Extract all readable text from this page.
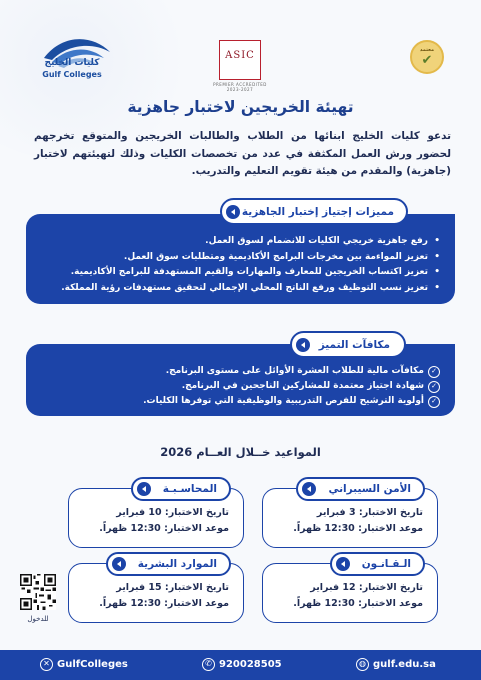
كليات الخليج
Gulf Colleges
ASIC
PREMIER ACCREDITED 2023-2027
معتمد
✔
تهيئة الخريجين لاختبار جاهزية

تدعو كليات الخليج ابنائها من الطلاب والطالبات الخريجين والمتوقع تخرجهم لحضور ورش العمل المكثفة في عدد من تخصصات الكليات وذلك لتهيئتهم لاختبار (جاهزية) والمقدم من هيئة تقويم التعليم والتدريب.

مميزات إجتياز إختبار الجاهزية
• رفع جاهزية خريجي الكليات للانضمام لسوق العمل.
• تعزيز المواءمة بين مخرجات البرامج الأكاديمية ومتطلبات سوق العمل.
• تعزيز اكتساب الخريجين للمعارف والمهارات والقيم المستهدفة للبرامج الأكاديمية.
• تعزيز نسب التوظيف ورفع الناتج المحلي الإجمالي لتحقيق مستهدفات رؤية المملكة.
مكافآت التميز
✓ مكافآت مالية للطلاب العشرة الأوائل على مستوى البرنامج.
✓ شهادة اجتياز معتمدة للمشاركين الناجحين في البرنامج.
✓ أولوية الترشيح للفرص التدريبية والوظيفية التي توفرها الكليات.
المواعيد خــلال العــام 2026
الأمن السيبراني
تاريخ الاختبار: 3 فبراير
موعد الاختبار: 12:30 ظهراً.
المحاسـبـة
تاريخ الاختبار: 10 فبراير
موعد الاختبار: 12:30 ظهراً.
الـقـانـون
تاريخ الاختبار: 12 فبراير
موعد الاختبار: 12:30 ظهراً.
الموارد البشرية
تاريخ الاختبار: 15 فبراير
موعد الاختبار: 12:30 ظهراً.
للدخول
✕ GulfColleges	✆ 920028505	◍ gulf.edu.sa
